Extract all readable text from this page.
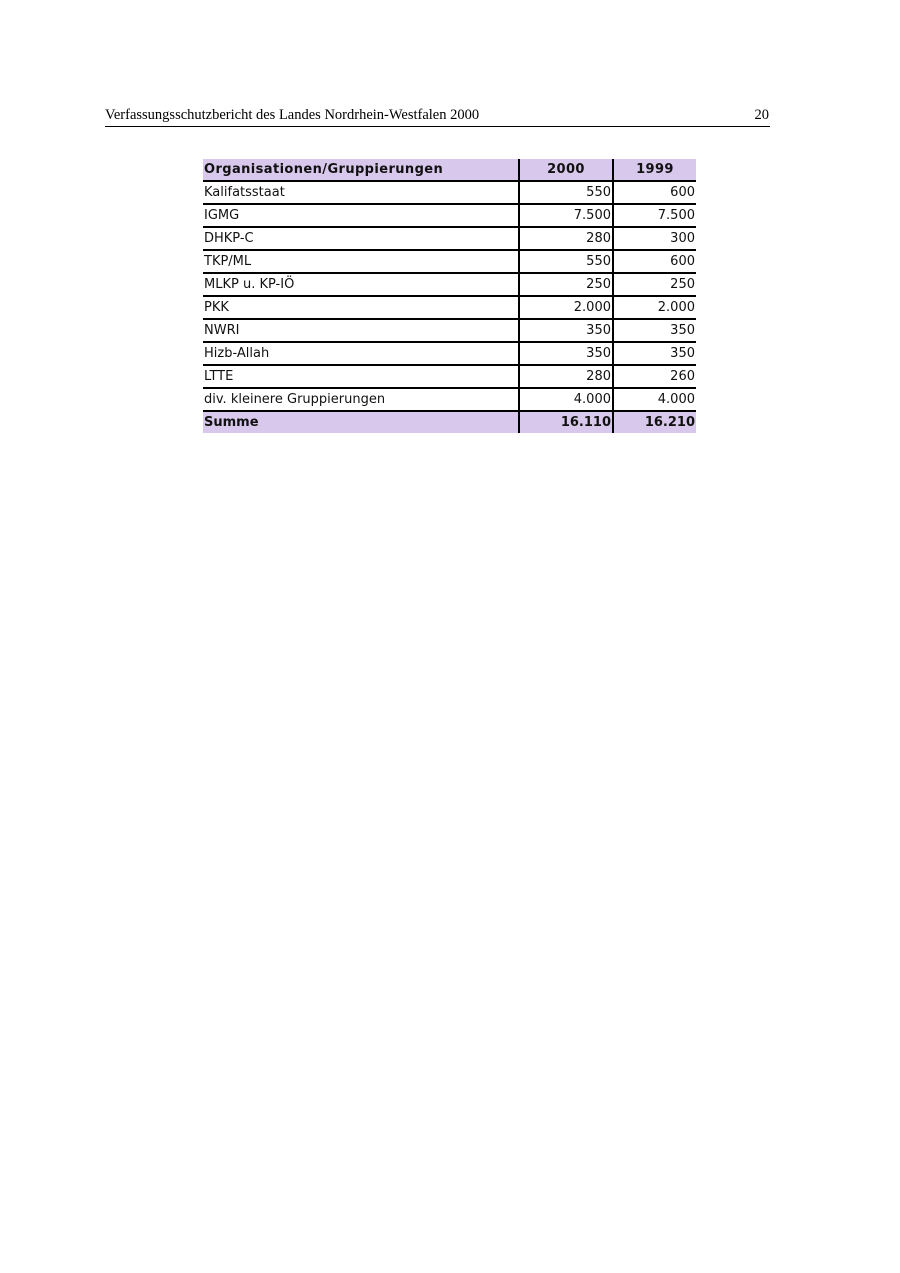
Verfassungsschutzbericht des Landes Nordrhein-Westfalen 2000	20
Organisationen/Gruppierungen	2000	1999
Kalifatsstaat	550	600
IGMG	7.500	7.500
DHKP-C	280	300
TKP/ML	550	600
MLKP u. KP-IÖ	250	250
PKK	2.000	2.000
NWRI	350	350
Hizb-Allah	350	350
LTTE	280	260
div. kleinere Gruppierungen	4.000	4.000
Summe	16.110	16.210
